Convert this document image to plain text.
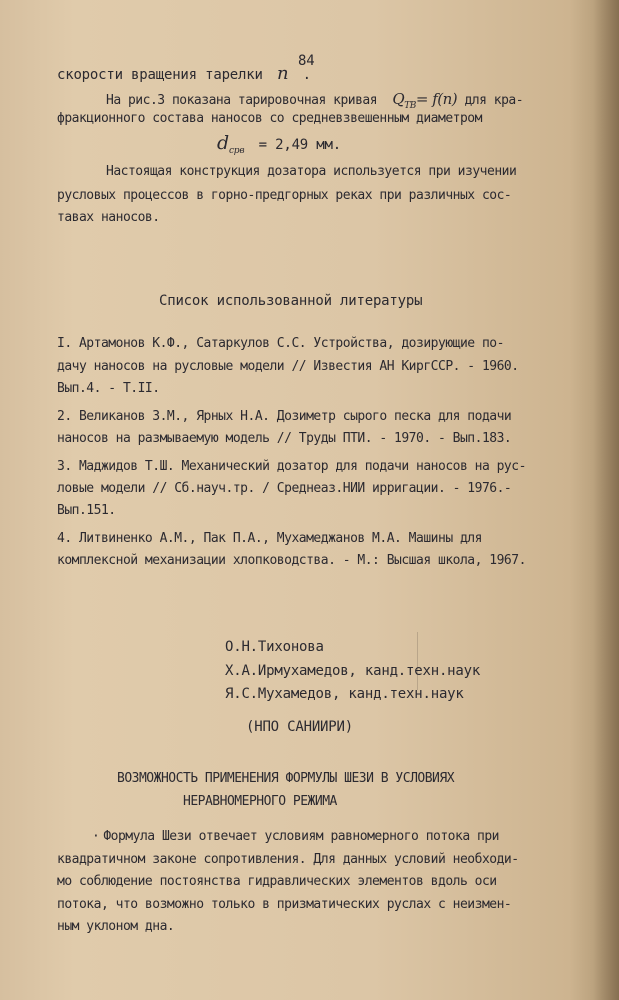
84
скорости вращения тарелки n .
На рис.3 показана тарировочная кривая $Q_{ТВ}= f(n)$ для кра-
фракционного состава наносов со средневзвешенным диаметром
$d_{срв} = 2,49$ мм.
Настоящая конструкция дозатора используется при изучении
русловых процессов в горно-предгорных реках при различных сос-
тавах наносов.
Список использованной литературы
I. Артамонов К.Ф., Сатаркулов С.С. Устройства, дозирующие по-
дачу наносов на русловые модели // Известия АН КиргССР. - 1960.
Вып.4. - T.II.
2. Великанов З.М., Ярных Н.А. Дозиметр сырого песка для подачи
наносов на размываемую модель // Труды ПТИ. - 1970. - Вып.183.
3. Маджидов Т.Ш. Механический дозатор для подачи наносов на рус-
ловые модели // Сб.науч.тр. / Среднеаз.НИИ ирригации. - 1976.-
Вып.151.
4. Литвиненко А.М., Пак П.А., Мухамеджанов М.А. Машины для
комплексной механизации хлопководства. - М.: Высшая школа, 1967.
О.Н.Тихонова
Х.А.Ирмухамедов, канд.техн.наук
Я.С.Мухамедов, канд.техн.наук
(НПО САНИИРИ)
ВОЗМОЖНОСТЬ ПРИМЕНЕНИЯ ФОРМУЛЫ ШЕЗИ В УСЛОВИЯХ
НЕРАВНОМЕРНОГО РЕЖИМА
· Формула Шези отвечает условиям равномерного потока при
квадратичном законе сопротивления. Для данных условий необходи-
мо соблюдение постоянства гидравлических элементов вдоль оси
потока, что возможно только в призматических руслах с неизмен-
ным уклоном дна.
